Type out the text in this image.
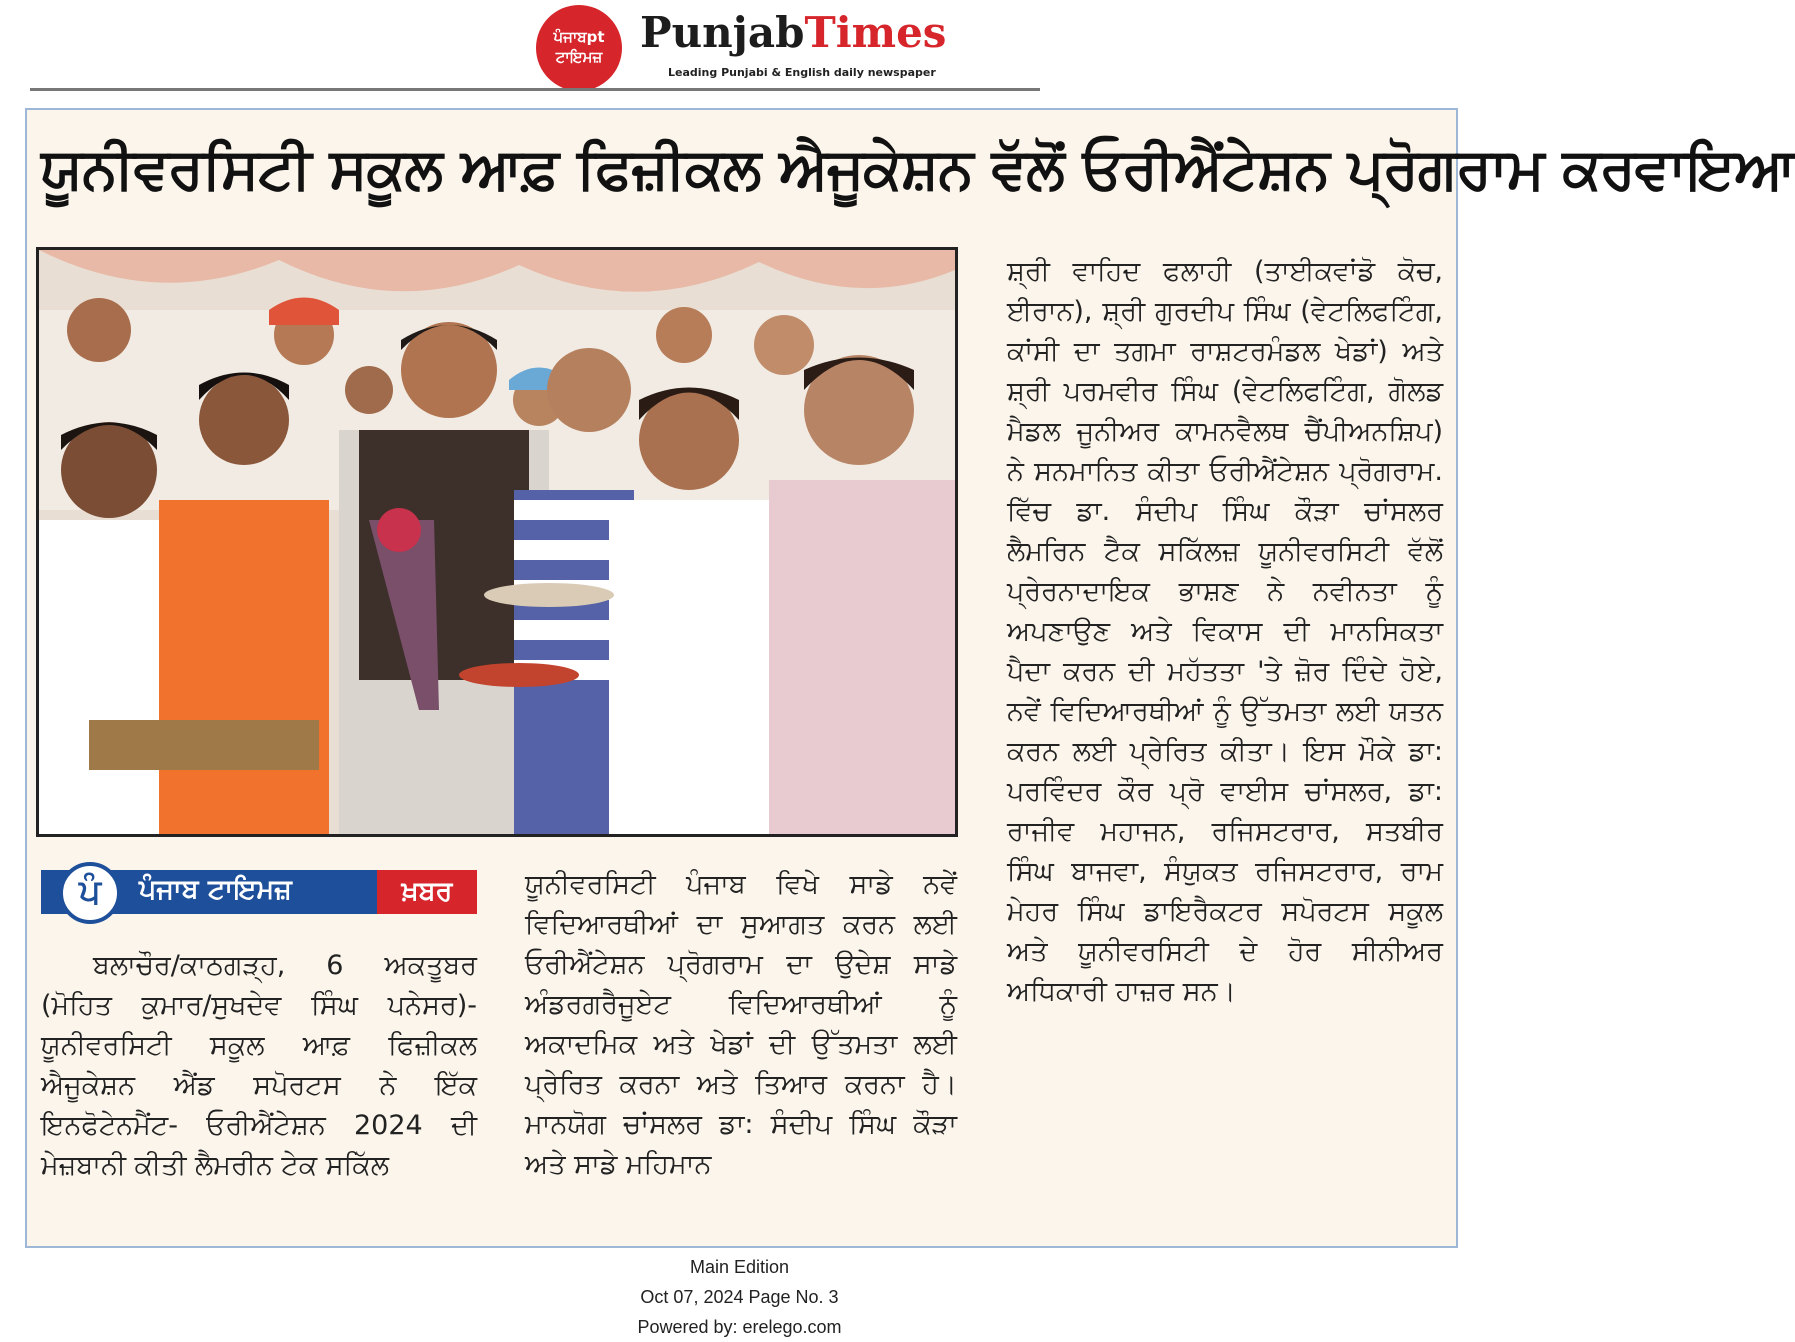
ਪੰਜਾਬpt
ਟਾਇਮਜ਼ PunjabTimes
Leading Punjabi & English daily newspaper
ਯੂਨੀਵਰਸਿਟੀ ਸਕੂਲ ਆਫ਼ ਫਿਜ਼ੀਕਲ ਐਜੂਕੇਸ਼ਨ ਵੱਲੋਂ ਓਰੀਐਂਟੇਸ਼ਨ ਪ੍ਰੋਗਰਾਮ ਕਰਵਾਇਆ
ਪੰ	ਪੰਜਾਬ ਟਾਇਮਜ਼	ਖ਼ਬਰ

ਬਲਾਚੌਰ/ਕਾਠਗੜ੍ਹ, 6 ਅਕਤੂਬਰ (ਮੋਹਿਤ ਕੁਮਾਰ/ਸੁਖਦੇਵ ਸਿੰਘ ਪਨੇਸਰ)- ਯੂਨੀਵਰਸਿਟੀ ਸਕੂਲ ਆਫ਼ ਫਿਜ਼ੀਕਲ ਐਜੂਕੇਸ਼ਨ ਐਂਡ ਸਪੋਰਟਸ ਨੇ ਇੱਕ ਇਨਫੋਟੇਨਮੈਂਟ- ਓਰੀਐਂਟੇਸ਼ਨ 2024 ਦੀ ਮੇਜ਼ਬਾਨੀ ਕੀਤੀ ਲੈਮਰੀਨ ਟੇਕ ਸਕਿੱਲ

ਯੂਨੀਵਰਸਿਟੀ ਪੰਜਾਬ ਵਿਖੇ ਸਾਡੇ ਨਵੇਂ ਵਿਦਿਆਰਥੀਆਂ ਦਾ ਸੁਆਗਤ ਕਰਨ ਲਈ ਓਰੀਐਂਟੇਸ਼ਨ ਪ੍ਰੋਗਰਾਮ ਦਾ ਉਦੇਸ਼ ਸਾਡੇ ਅੰਡਰਗਰੈਜੂਏਟ ਵਿਦਿਆਰਥੀਆਂ ਨੂੰ ਅਕਾਦਮਿਕ ਅਤੇ ਖੇਡਾਂ ਦੀ ਉੱਤਮਤਾ ਲਈ ਪ੍ਰੇਰਿਤ ਕਰਨਾ ਅਤੇ ਤਿਆਰ ਕਰਨਾ ਹੈ। ਮਾਨਯੋਗ ਚਾਂਸਲਰ ਡਾ: ਸੰਦੀਪ ਸਿੰਘ ਕੌੜਾ ਅਤੇ ਸਾਡੇ ਮਹਿਮਾਨ

ਸ਼੍ਰੀ ਵਾਹਿਦ ਫਲਾਹੀ (ਤਾਈਕਵਾਂਡੋ ਕੋਚ, ਈਰਾਨ), ਸ਼੍ਰੀ ਗੁਰਦੀਪ ਸਿੰਘ (ਵੇਟਲਿਫਟਿੰਗ, ਕਾਂਸੀ ਦਾ ਤਗਮਾ ਰਾਸ਼ਟਰਮੰਡਲ ਖੇਡਾਂ) ਅਤੇ ਸ਼੍ਰੀ ਪਰਮਵੀਰ ਸਿੰਘ (ਵੇਟਲਿਫਟਿੰਗ, ਗੋਲਡ ਮੈਡਲ ਜੂਨੀਅਰ ਕਾਮਨਵੈਲਥ ਚੈਂਪੀਅਨਸ਼ਿਪ) ਨੇ ਸਨਮਾਨਿਤ ਕੀਤਾ ਓਰੀਐਂਟੇਸ਼ਨ ਪ੍ਰੋਗਰਾਮ. ਵਿੱਚ ਡਾ. ਸੰਦੀਪ ਸਿੰਘ ਕੌੜਾ ਚਾਂਸਲਰ ਲੈਮਰਿਨ ਟੈਕ ਸਕਿੱਲਜ਼ ਯੂਨੀਵਰਸਿਟੀ ਵੱਲੋਂ ਪ੍ਰੇਰਨਾਦਾਇਕ ਭਾਸ਼ਣ ਨੇ ਨਵੀਨਤਾ ਨੂੰ ਅਪਣਾਉਣ ਅਤੇ ਵਿਕਾਸ ਦੀ ਮਾਨਸਿਕਤਾ ਪੈਦਾ ਕਰਨ ਦੀ ਮਹੱਤਤਾ 'ਤੇ ਜ਼ੋਰ ਦਿੰਦੇ ਹੋਏ, ਨਵੇਂ ਵਿਦਿਆਰਥੀਆਂ ਨੂੰ ਉੱਤਮਤਾ ਲਈ ਯਤਨ ਕਰਨ ਲਈ ਪ੍ਰੇਰਿਤ ਕੀਤਾ। ਇਸ ਮੌਕੇ ਡਾ: ਪਰਵਿੰਦਰ ਕੌਰ ਪ੍ਰੋ ਵਾਈਸ ਚਾਂਸਲਰ, ਡਾ: ਰਾਜੀਵ ਮਹਾਜਨ, ਰਜਿਸਟਰਾਰ, ਸਤਬੀਰ ਸਿੰਘ ਬਾਜਵਾ, ਸੰਯੁਕਤ ਰਜਿਸਟਰਾਰ, ਰਾਮ ਮੇਹਰ ਸਿੰਘ ਡਾਇਰੈਕਟਰ ਸਪੋਰਟਸ ਸਕੂਲ ਅਤੇ ਯੂਨੀਵਰਸਿਟੀ ਦੇ ਹੋਰ ਸੀਨੀਅਰ ਅਧਿਕਾਰੀ ਹਾਜ਼ਰ ਸਨ।

Main Edition
Oct 07, 2024 Page No. 3
Powered by: erelego.com
